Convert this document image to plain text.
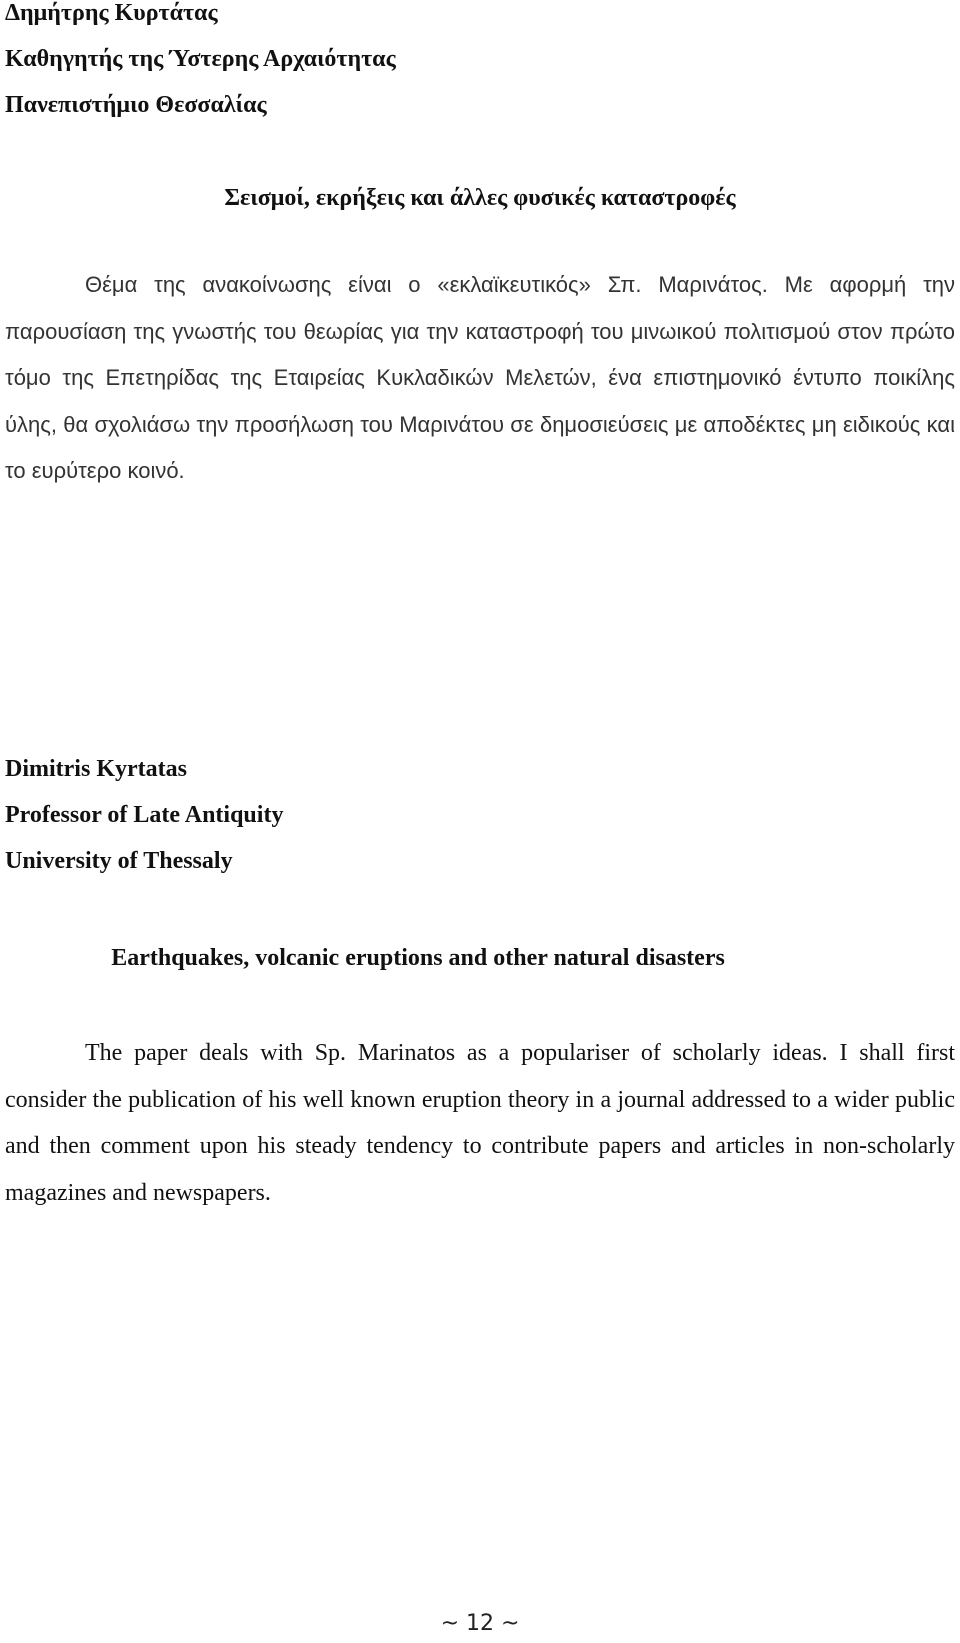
Δημήτρης Κυρτάτας
Καθηγητής της Ύστερης Αρχαιότητας
Πανεπιστήμιο Θεσσαλίας
Σεισμοί, εκρήξεις και άλλες φυσικές καταστροφές

Θέμα της ανακοίνωσης είναι ο «εκλαϊκευτικός» Σπ. Μαρινάτος. Με αφορμή την παρουσίαση της γνωστής του θεωρίας για την καταστροφή του μινωικού πολιτισμού στον πρώτο τόμο της Επετηρίδας της Εταιρείας Κυκλαδικών Μελετών, ένα επιστημονικό έντυπο ποικίλης ύλης, θα σχολιάσω την προσήλωση του Μαρινάτου σε δημοσιεύσεις με αποδέκτες μη ειδικούς και το ευρύτερο κοινό.

Dimitris Kyrtatas
Professor of Late Antiquity
University of Thessaly
Earthquakes, volcanic eruptions and other natural disasters

The paper deals with Sp. Marinatos as a populariser of scholarly ideas. I shall first consider the publication of his well known eruption theory in a journal addressed to a wider public and then comment upon his steady tendency to contribute papers and articles in non-scholarly magazines and newspapers.

~ 12 ~
